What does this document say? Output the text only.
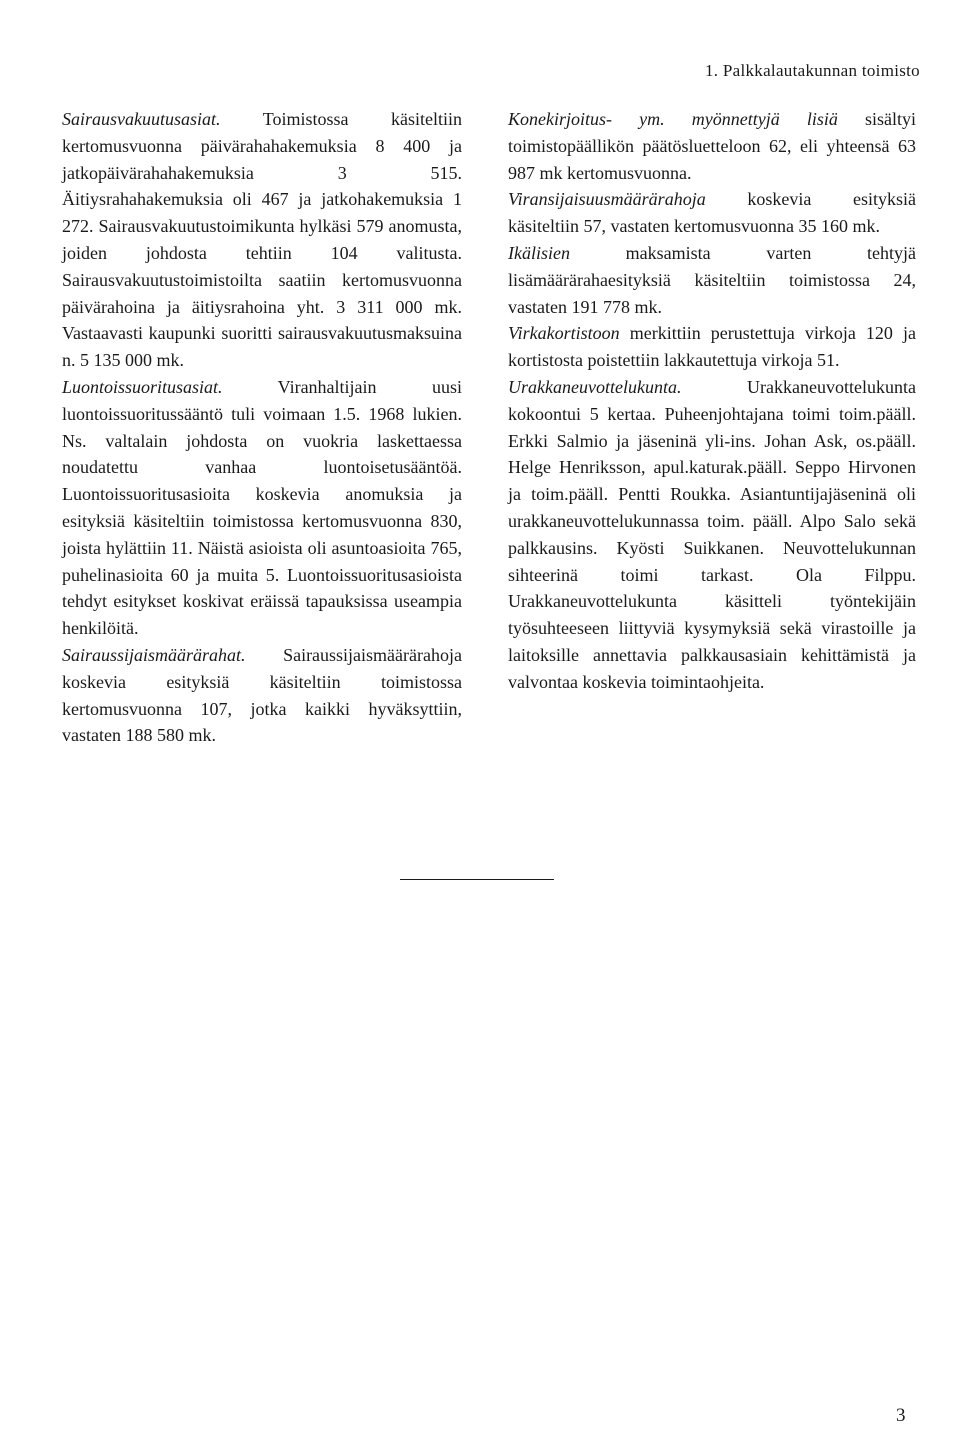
1. Palkkalautakunnan toimisto

Sairausvakuutusasiat. Toimistossa käsiteltiin kertomusvuonna päivärahahakemuksia 8 400 ja jatkopäivärahahakemuksia 3 515. Äitiysrahahakemuksia oli 467 ja jatkohakemuksia 1 272. Sairausvakuutustoimikunta hylkäsi 579 anomusta, joiden johdosta tehtiin 104 valitusta. Sairausvakuutustoimistoilta saatiin kertomusvuonna päivärahoina ja äitiysrahoina yht. 3 311 000 mk. Vastaavasti kaupunki suoritti sairausvakuutusmaksuina n. 5 135 000 mk.

Luontoissuoritusasiat. Viranhaltijain uusi luontoissuoritussääntö tuli voimaan 1.5. 1968 lukien. Ns. valtalain johdosta on vuokria laskettaessa noudatettu vanhaa luontoisetusääntöä. Luontoissuoritusasioita koskevia anomuksia ja esityksiä käsiteltiin toimistossa kertomusvuonna 830, joista hylättiin 11. Näistä asioista oli asuntoasioita 765, puhelinasioita 60 ja muita 5. Luontoissuoritusasioista tehdyt esitykset koskivat eräissä tapauksissa useampia henkilöitä.

Sairaussijaismäärärahat. Sairaussijaismäärärahoja koskevia esityksiä käsiteltiin toimistossa kertomusvuonna 107, jotka kaikki hyväksyttiin, vastaten 188 580 mk.

Konekirjoitus- ym. myönnettyjä lisiä sisältyi toimistopäällikön päätösluetteloon 62, eli yhteensä 63 987 mk kertomusvuonna.

Viransijaisuusmäärärahoja koskevia esityksiä käsiteltiin 57, vastaten kertomusvuonna 35 160 mk.

Ikälisien maksamista varten tehtyjä lisämäärärahaesityksiä käsiteltiin toimistossa 24, vastaten 191 778 mk.

Virkakortistoon merkittiin perustettuja virkoja 120 ja kortistosta poistettiin lakkautettuja virkoja 51.

Urakkaneuvottelukunta. Urakkaneuvottelukunta kokoontui 5 kertaa. Puheenjohtajana toimi toim.pääll. Erkki Salmio ja jäseninä yli-ins. Johan Ask, os.pääll. Helge Henriksson, apul.katurak.pääll. Seppo Hirvonen ja toim.pääll. Pentti Roukka. Asiantuntijajäseninä oli urakkaneuvottelukunnassa toim. pääll. Alpo Salo sekä palkkausins. Kyösti Suikkanen. Neuvottelukunnan sihteerinä toimi tarkast. Ola Filppu. Urakkaneuvottelukunta käsitteli työntekijäin työsuhteeseen liittyviä kysymyksiä sekä virastoille ja laitoksille annettavia palkkausasiain kehittämistä ja valvontaa koskevia toimintaohjeita.

3
